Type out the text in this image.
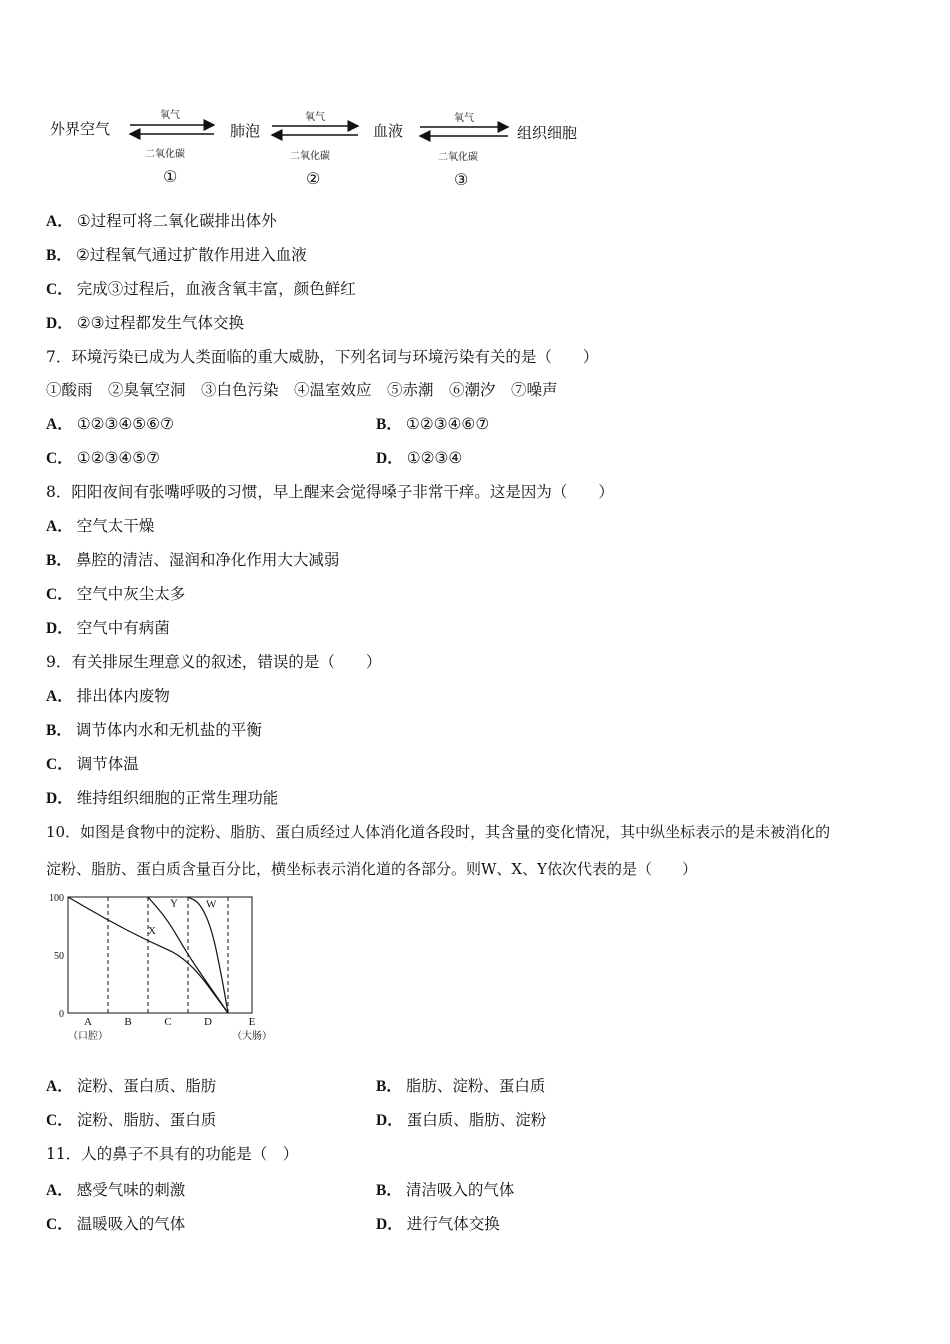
外界空气	肺泡	血液	组织细胞
氧气
二氧化碳
氧气
二氧化碳
氧气
二氧化碳
①	②	③
A． ①过程可将二氧化碳排出体外
B． ②过程氧气通过扩散作用进入血液
C． 完成③过程后，血液含氧丰富，颜色鲜红
D． ②③过程都发生气体交换
7．环境污染已成为人类面临的重大威胁，下列名词与环境污染有关的是（　　）
①酸雨　②臭氧空洞　③白色污染　④温室效应　⑤赤潮　⑥潮汐　⑦噪声
A． ①②③④⑤⑥⑦	B． ①②③④⑥⑦
C． ①②③④⑤⑦	D． ①②③④
8．阳阳夜间有张嘴呼吸的习惯，早上醒来会觉得嗓子非常干痒。这是因为（　　）
A． 空气太干燥
B． 鼻腔的清洁、湿润和净化作用大大减弱
C． 空气中灰尘太多
D． 空气中有病菌
9．有关排尿生理意义的叙述，错误的是（　　）
A． 排出体内废物
B． 调节体内水和无机盐的平衡
C． 调节体温
D． 维持组织细胞的正常生理功能
10．如图是食物中的淀粉、脂肪、蛋白质经过人体消化道各段时，其含量的变化情况，其中纵坐标表示的是未被消化的
淀粉、脂肪、蛋白质含量百分比，横坐标表示消化道的各部分。则W、X、Y依次代表的是（　　）
0
50
100
A
（口腔）
B	C	D	E
（大肠）
X
Y	W
A． 淀粉、蛋白质、脂肪	B． 脂肪、淀粉、蛋白质
C． 淀粉、脂肪、蛋白质	D． 蛋白质、脂肪、淀粉
11．人的鼻子不具有的功能是（　）
A． 感受气味的刺激	B． 清洁吸入的气体
C． 温暖吸入的气体	D． 进行气体交换
